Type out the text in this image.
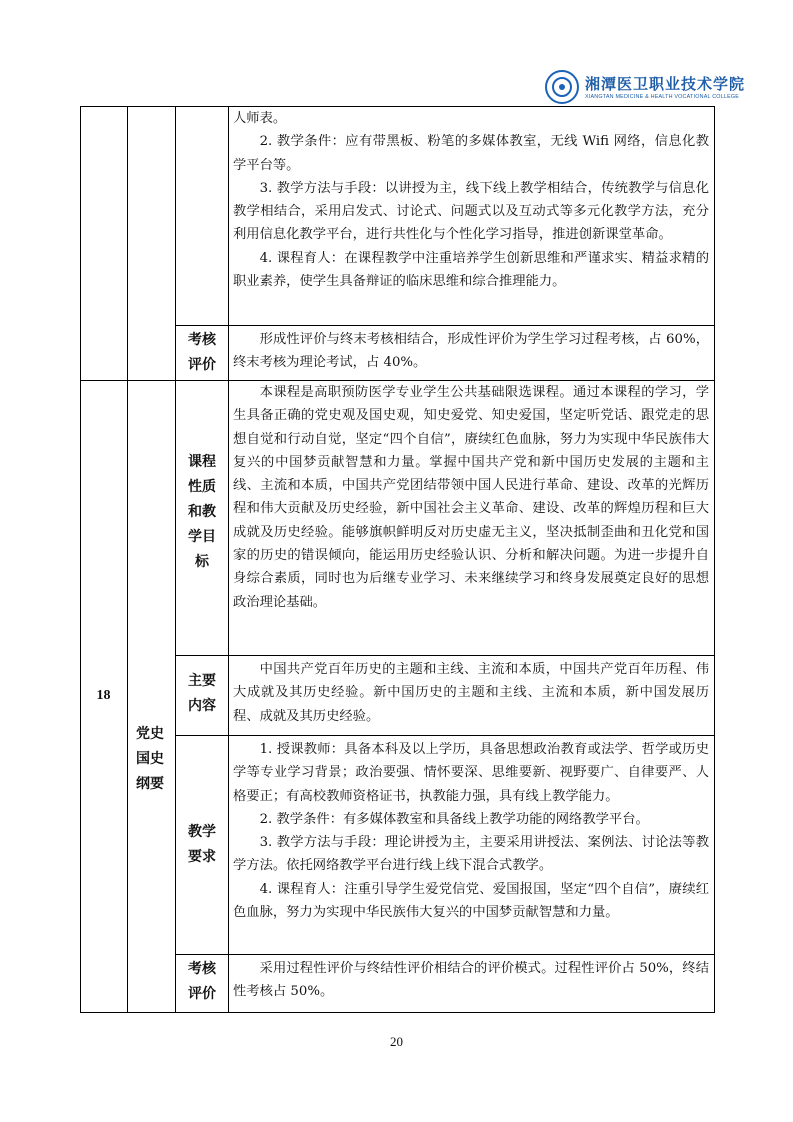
湘潭医卫职业技术学院
XIANGTAN MEDICINE & HEALTH VOCATIONAL COLLEGE

人师表。

2. 教学条件：应有带黑板、粉笔的多媒体教室，无线 Wifi 网络，信息化教学平台等。

3. 教学方法与手段：以讲授为主，线下线上教学相结合，传统教学与信息化教学相结合，采用启发式、讨论式、问题式以及互动式等多元化教学方法，充分利用信息化教学平台，进行共性化与个性化学习指导，推进创新课堂革命。

4. 课程育人：在课程教学中注重培养学生创新思维和严谨求实、精益求精的职业素养，使学生具备辩证的临床思维和综合推理能力。

考核评价

形成性评价与终末考核相结合，形成性评价为学生学习过程考核，占 60%，终末考核为理论考试，占 40%。

18
党史国史纲要
课程性质和教学目标

本课程是高职预防医学专业学生公共基础限选课程。通过本课程的学习，学生具备正确的党史观及国史观，知史爱党、知史爱国，坚定听党话、跟党走的思想自觉和行动自觉，坚定“四个自信”，赓续红色血脉，努力为实现中华民族伟大复兴的中国梦贡献智慧和力量。掌握中国共产党和新中国历史发展的主题和主线、主流和本质，中国共产党团结带领中国人民进行革命、建设、改革的光辉历程和伟大贡献及历史经验，新中国社会主义革命、建设、改革的辉煌历程和巨大成就及历史经验。能够旗帜鲜明反对历史虚无主义，坚决抵制歪曲和丑化党和国家的历史的错误倾向，能运用历史经验认识、分析和解决问题。为进一步提升自身综合素质，同时也为后继专业学习、未来继续学习和终身发展奠定良好的思想政治理论基础。

主要内容

中国共产党百年历史的主题和主线、主流和本质，中国共产党百年历程、伟大成就及其历史经验。新中国历史的主题和主线、主流和本质，新中国发展历程、成就及其历史经验。

教学要求

1. 授课教师：具备本科及以上学历，具备思想政治教育或法学、哲学或历史学等专业学习背景；政治要强、情怀要深、思维要新、视野要广、自律要严、人格要正；有高校教师资格证书，执教能力强，具有线上教学能力。

2. 教学条件：有多媒体教室和具备线上教学功能的网络教学平台。

3. 教学方法与手段：理论讲授为主，主要采用讲授法、案例法、讨论法等教学方法。依托网络教学平台进行线上线下混合式教学。

4. 课程育人：注重引导学生爱党信党、爱国报国，坚定“四个自信”，赓续红色血脉，努力为实现中华民族伟大复兴的中国梦贡献智慧和力量。

考核评价

采用过程性评价与终结性评价相结合的评价模式。过程性评价占 50%，终结性考核占 50%。

20
